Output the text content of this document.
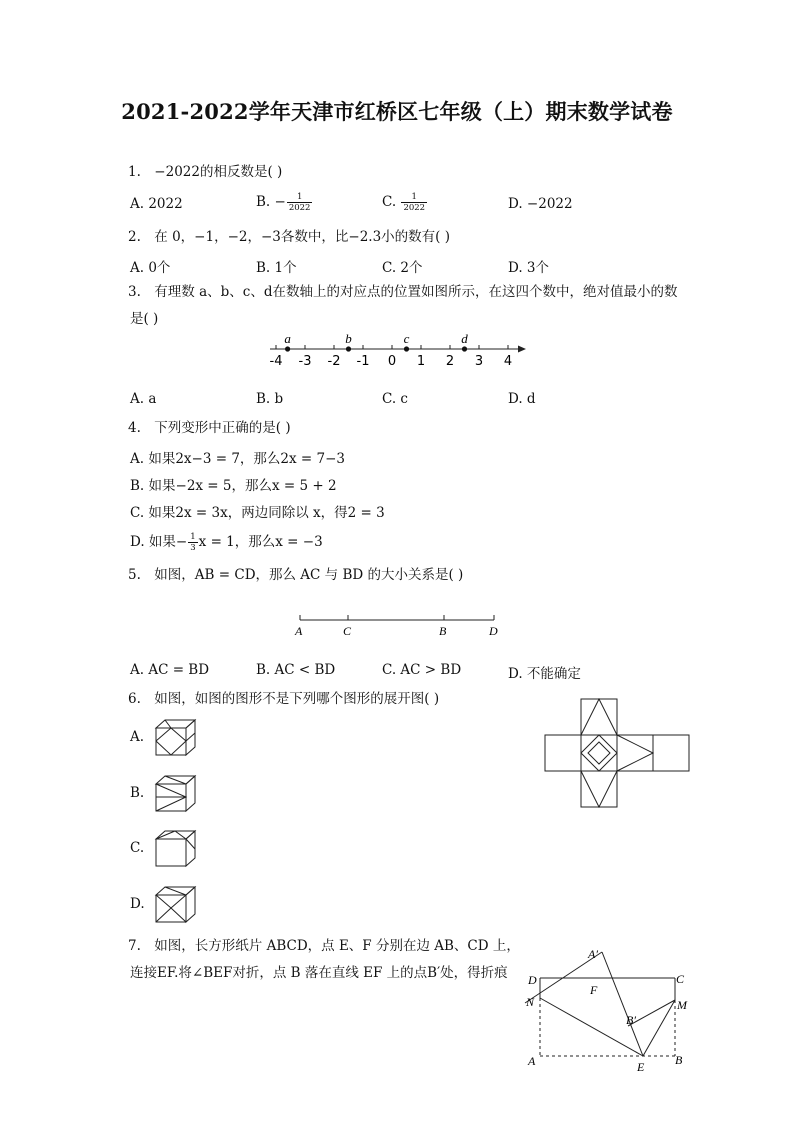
2021-2022学年天津市红桥区七年级（上）期末数学试卷
1. −2022的相反数是( )
A. 2022	B. − $\frac{1}{2022}$	C. $\frac{1}{2022}$	D. −2022
2. 在 0，−1，−2，−3各数中，比−2.3小的数有( )
A. 0个	B. 1个	C. 2个	D. 3个
3. 有理数 a、b、c、d在数轴上的对应点的位置如图所示，在这四个数中，绝对值最小的数
是( )
-4 -3 -2 -1 0 1 2 3 4
a	b	c	d
A. a	B. b	C. c	D. d
4. 下列变形中正确的是( )
A. 如果2x−3 = 7，那么2x = 7−3
B. 如果−2x = 5，那么x = 5 + 2
C. 如果2x = 3x，两边同除以 x，得2 = 3
D. 如果− $\frac{1}{3}$ x = 1，那么x = −3
5. 如图，AB = CD，那么 AC 与 BD 的大小关系是( )
A	C	B	D
A. AC = BD	B. AC < BD	C. AC > BD	D. 不能确定
6. 如图，如图的图形不是下列哪个图形的展开图( )
A.
B.
C.
D.
7. 如图，长方形纸片 ABCD，点 E、F 分别在边 AB、CD 上，
连接EF.将∠BEF对折，点 B 落在直线 EF 上的点B′处，得折痕
A′
D	C
F
N	M
B′
A	E	B
